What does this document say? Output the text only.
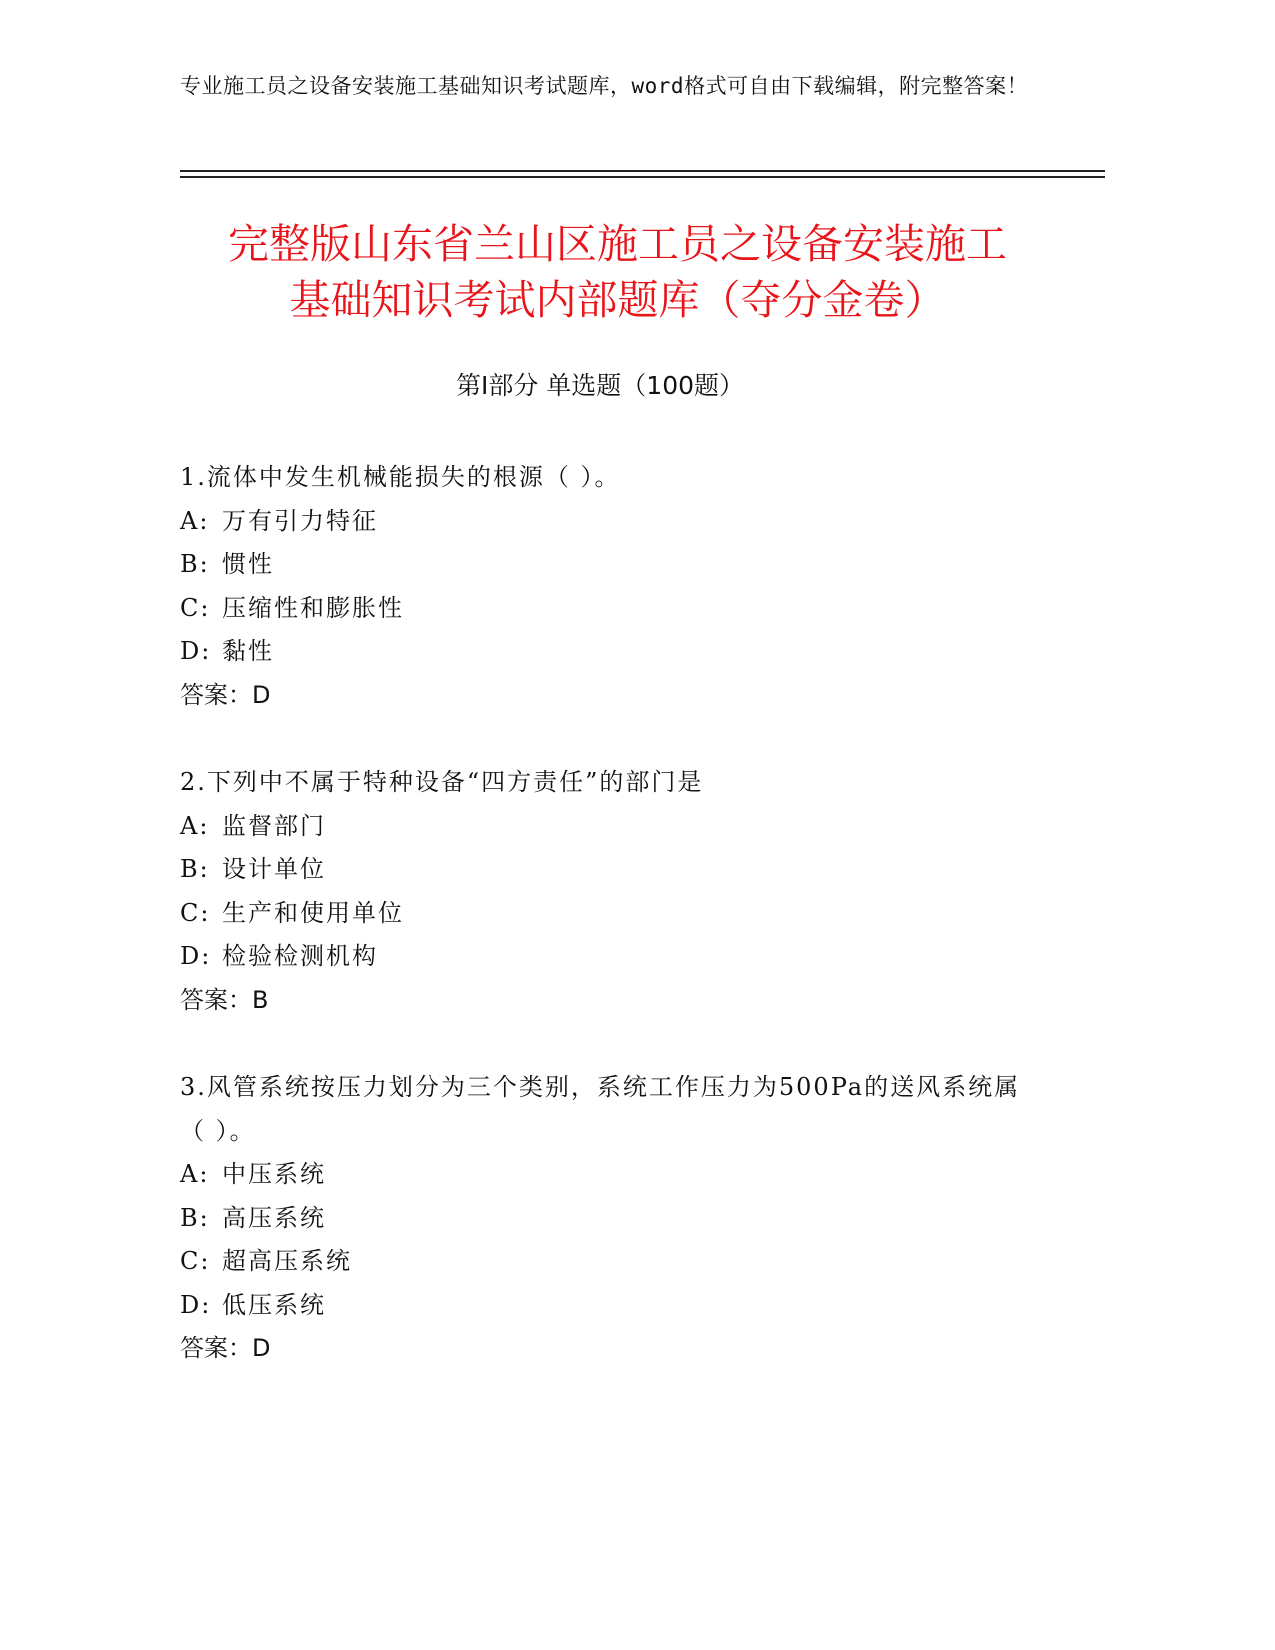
专业施工员之设备安装施工基础知识考试题库，word格式可自由下载编辑，附完整答案！
完整版山东省兰山区施工员之设备安装施工
基础知识考试内部题库（夺分金卷）
第Ⅰ部分 单选题（100题）
1.流体中发生机械能损失的根源（ ）。
A: 万有引力特征
B: 惯性
C: 压缩性和膨胀性
D: 黏性
答案：D
2.下列中不属于特种设备“四方责任”的部门是
A: 监督部门
B: 设计单位
C: 生产和使用单位
D: 检验检测机构
答案：B
3.风管系统按压力划分为三个类别，系统工作压力为500Pa的送风系统属（ ）。
A: 中压系统
B: 高压系统
C: 超高压系统
D: 低压系统
答案：D
